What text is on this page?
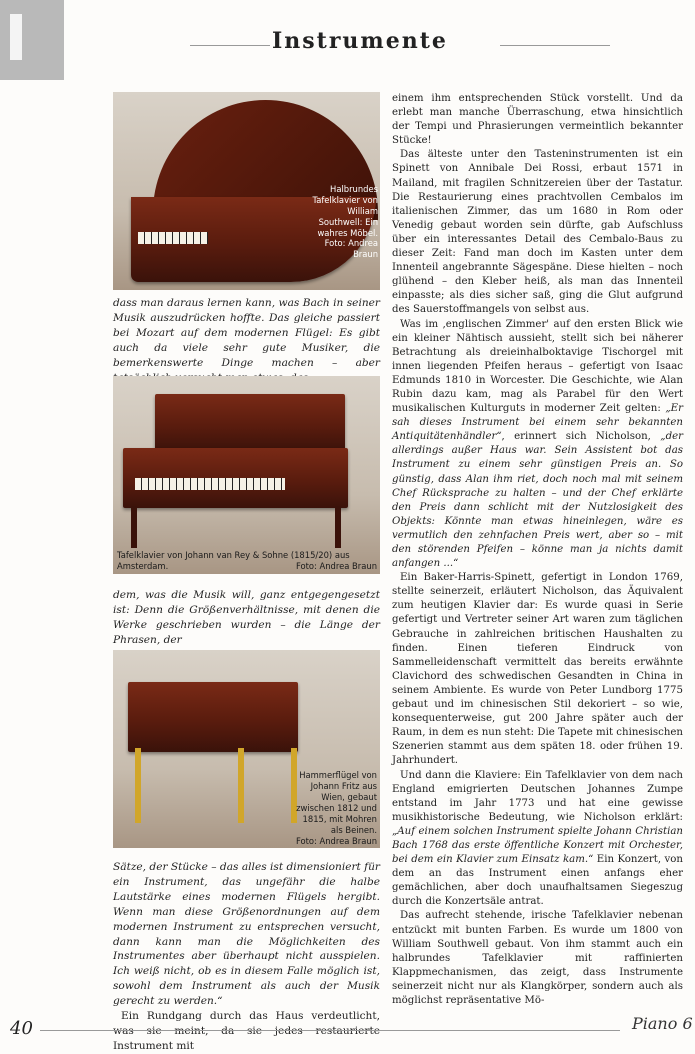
Instrumente
Halbrundes Tafelklavier von William Southwell: Ein wahres Möbel.
Foto: Andrea Braun

dass man daraus lernen kann, was Bach in seiner Musik auszudrücken hoffte. Das gleiche passiert bei Mozart auf dem modernen Flügel: Es gibt auch da viele sehr gute Musiker, die bemerkenswerte Dinge machen – aber

Tafelklavier von Johann van Rey & Sohne (1815/20) aus Amsterdam.	Foto: Andrea Braun

dem, was die Musik will, ganz entgegengesetzt ist: Denn die Größenverhältnisse, mit denen die Werke geschrieben wurden – die Länge der Phrasen, der

Hammerflügel von Johann Fritz aus Wien, gebaut zwischen 1812 und 1815, mit Mohren als Beinen.
Foto: Andrea Braun

Sätze, der Stücke – das alles ist dimensioniert für ein Instrument, das ungefähr die halbe Lautstärke eines modernen Flügels hergibt. Wenn man diese Größenordnungen auf dem modernen Instrument zu entsprechen versucht, dann kann man die Möglichkeiten des Instrumentes aber überhaupt nicht ausspielen. Ich weiß nicht, ob es in diesem Falle möglich ist, sowohl dem Instrument als auch der Musik gerecht zu werden.“

Ein Rundgang durch das Haus verdeutlicht, Instrument mit

einem ihm entsprechenden Stück vorstellt. Und da erlebt man manche Überraschung, etwa hinsichtlich der Tempi und Phrasierungen vermeintlich bekannter Stücke!

Das älteste unter den Tasteninstrumenten ist ein Spinett von Annibale Dei Rossi, erbaut 1571 in Mailand, mit fragilen Schnitzereien über der Tastatur. Die Restaurierung eines prachtvollen Cembalos im italienischen Zimmer, das um 1680 in Rom oder Venedig gebaut worden sein dürfte, gab Aufschluss über ein interessantes Detail des Cembalo-Baus zu dieser Zeit: Fand man doch im Kasten unter dem Innenteil angebrannte Sägespäne. Diese hielten – noch glühend – den Kleber heiß, als man das Innenteil einpasste; als dies sicher saß, ging die Glut aufgrund des Sauerstoffmangels von selbst aus.

Was im ‚englischen Zimmer' auf den ersten Blick wie ein kleiner Nähtisch aussieht, stellt sich bei näherer Betrachtung als dreieinhalboktavige Tischorgel mit innen liegenden Pfeifen heraus – gefertigt von Isaac Edmunds 1810 in Worcester. Die Geschichte, wie Alan Rubin dazu kam, mag als Parabel für den Wert musikalischen Kulturguts in moderner Zeit gelten: „Er sah dieses Instrument bei einem sehr bekannten Antiquitätenhändler“, erinnert sich Nicholson, „der allerdings außer Haus war. Sein Assistent bot das Instrument zu einem sehr günstigen Preis an. So günstig, dass Alan ihm riet, doch noch mal mit seinem Chef Rücksprache zu halten – und der Chef erklärte den Preis dann schlicht mit der Nutzlosigkeit des Objekts: Könnte man etwas hineinlegen, wäre es vermutlich den zehnfachen Preis wert, aber so – mit den störenden Pfeifen – könne man ja nichts damit anfangen ...“

Ein Baker-Harris-Spinett, gefertigt in London 1769, stellte seinerzeit, erläutert Nicholson, das Äquivalent zum heutigen Klavier dar: Es wurde quasi in Serie gefertigt und Vertreter seiner Art waren zum täglichen Gebrauche in zahlreichen britischen Haushalten zu finden. Einen tieferen Eindruck von Sammelleidenschaft vermittelt das bereits erwähnte Clavichord des schwedischen Gesandten in China in seinem Ambiente. Es wurde von Peter Lundborg 1775 gebaut und im chinesischen Stil dekoriert – so wie, konsequenterweise, gut 200 Jahre später auch der Raum, in dem es nun steht: Die Tapete mit chinesischen Szenerien stammt aus dem späten 18. oder frühen 19. Jahrhundert.

Und dann die Klaviere: Ein Tafelklavier von dem nach England emigrierten Deutschen Johannes Zumpe entstand im Jahr 1773 und hat eine gewisse musikhistorische Bedeutung, wie Nicholson erklärt: „Auf einem solchen Instrument spielte Johann Christian Bach 1768 das erste öffentliche Konzert mit Orchester, bei dem ein Klavier zum Einsatz kam.“ Ein Konzert, von dem an das Instrument einen anfangs eher gemächlichen, aber doch unaufhaltsamen Siegeszug durch die Konzertsäle antrat.

Das aufrecht stehende, irische Tafelklavier nebenan entzückt mit bunten Farben. Es wurde um 1800 von William Southwell gebaut. Von ihm stammt auch ein halbrundes Tafelklavier mit raffinierten Klappmechanismen, das zeigt, dass Instrumente seinerzeit nicht nur als Klangkörper, sondern auch als möglichst repräsentative Mö-

40	Piano 6
